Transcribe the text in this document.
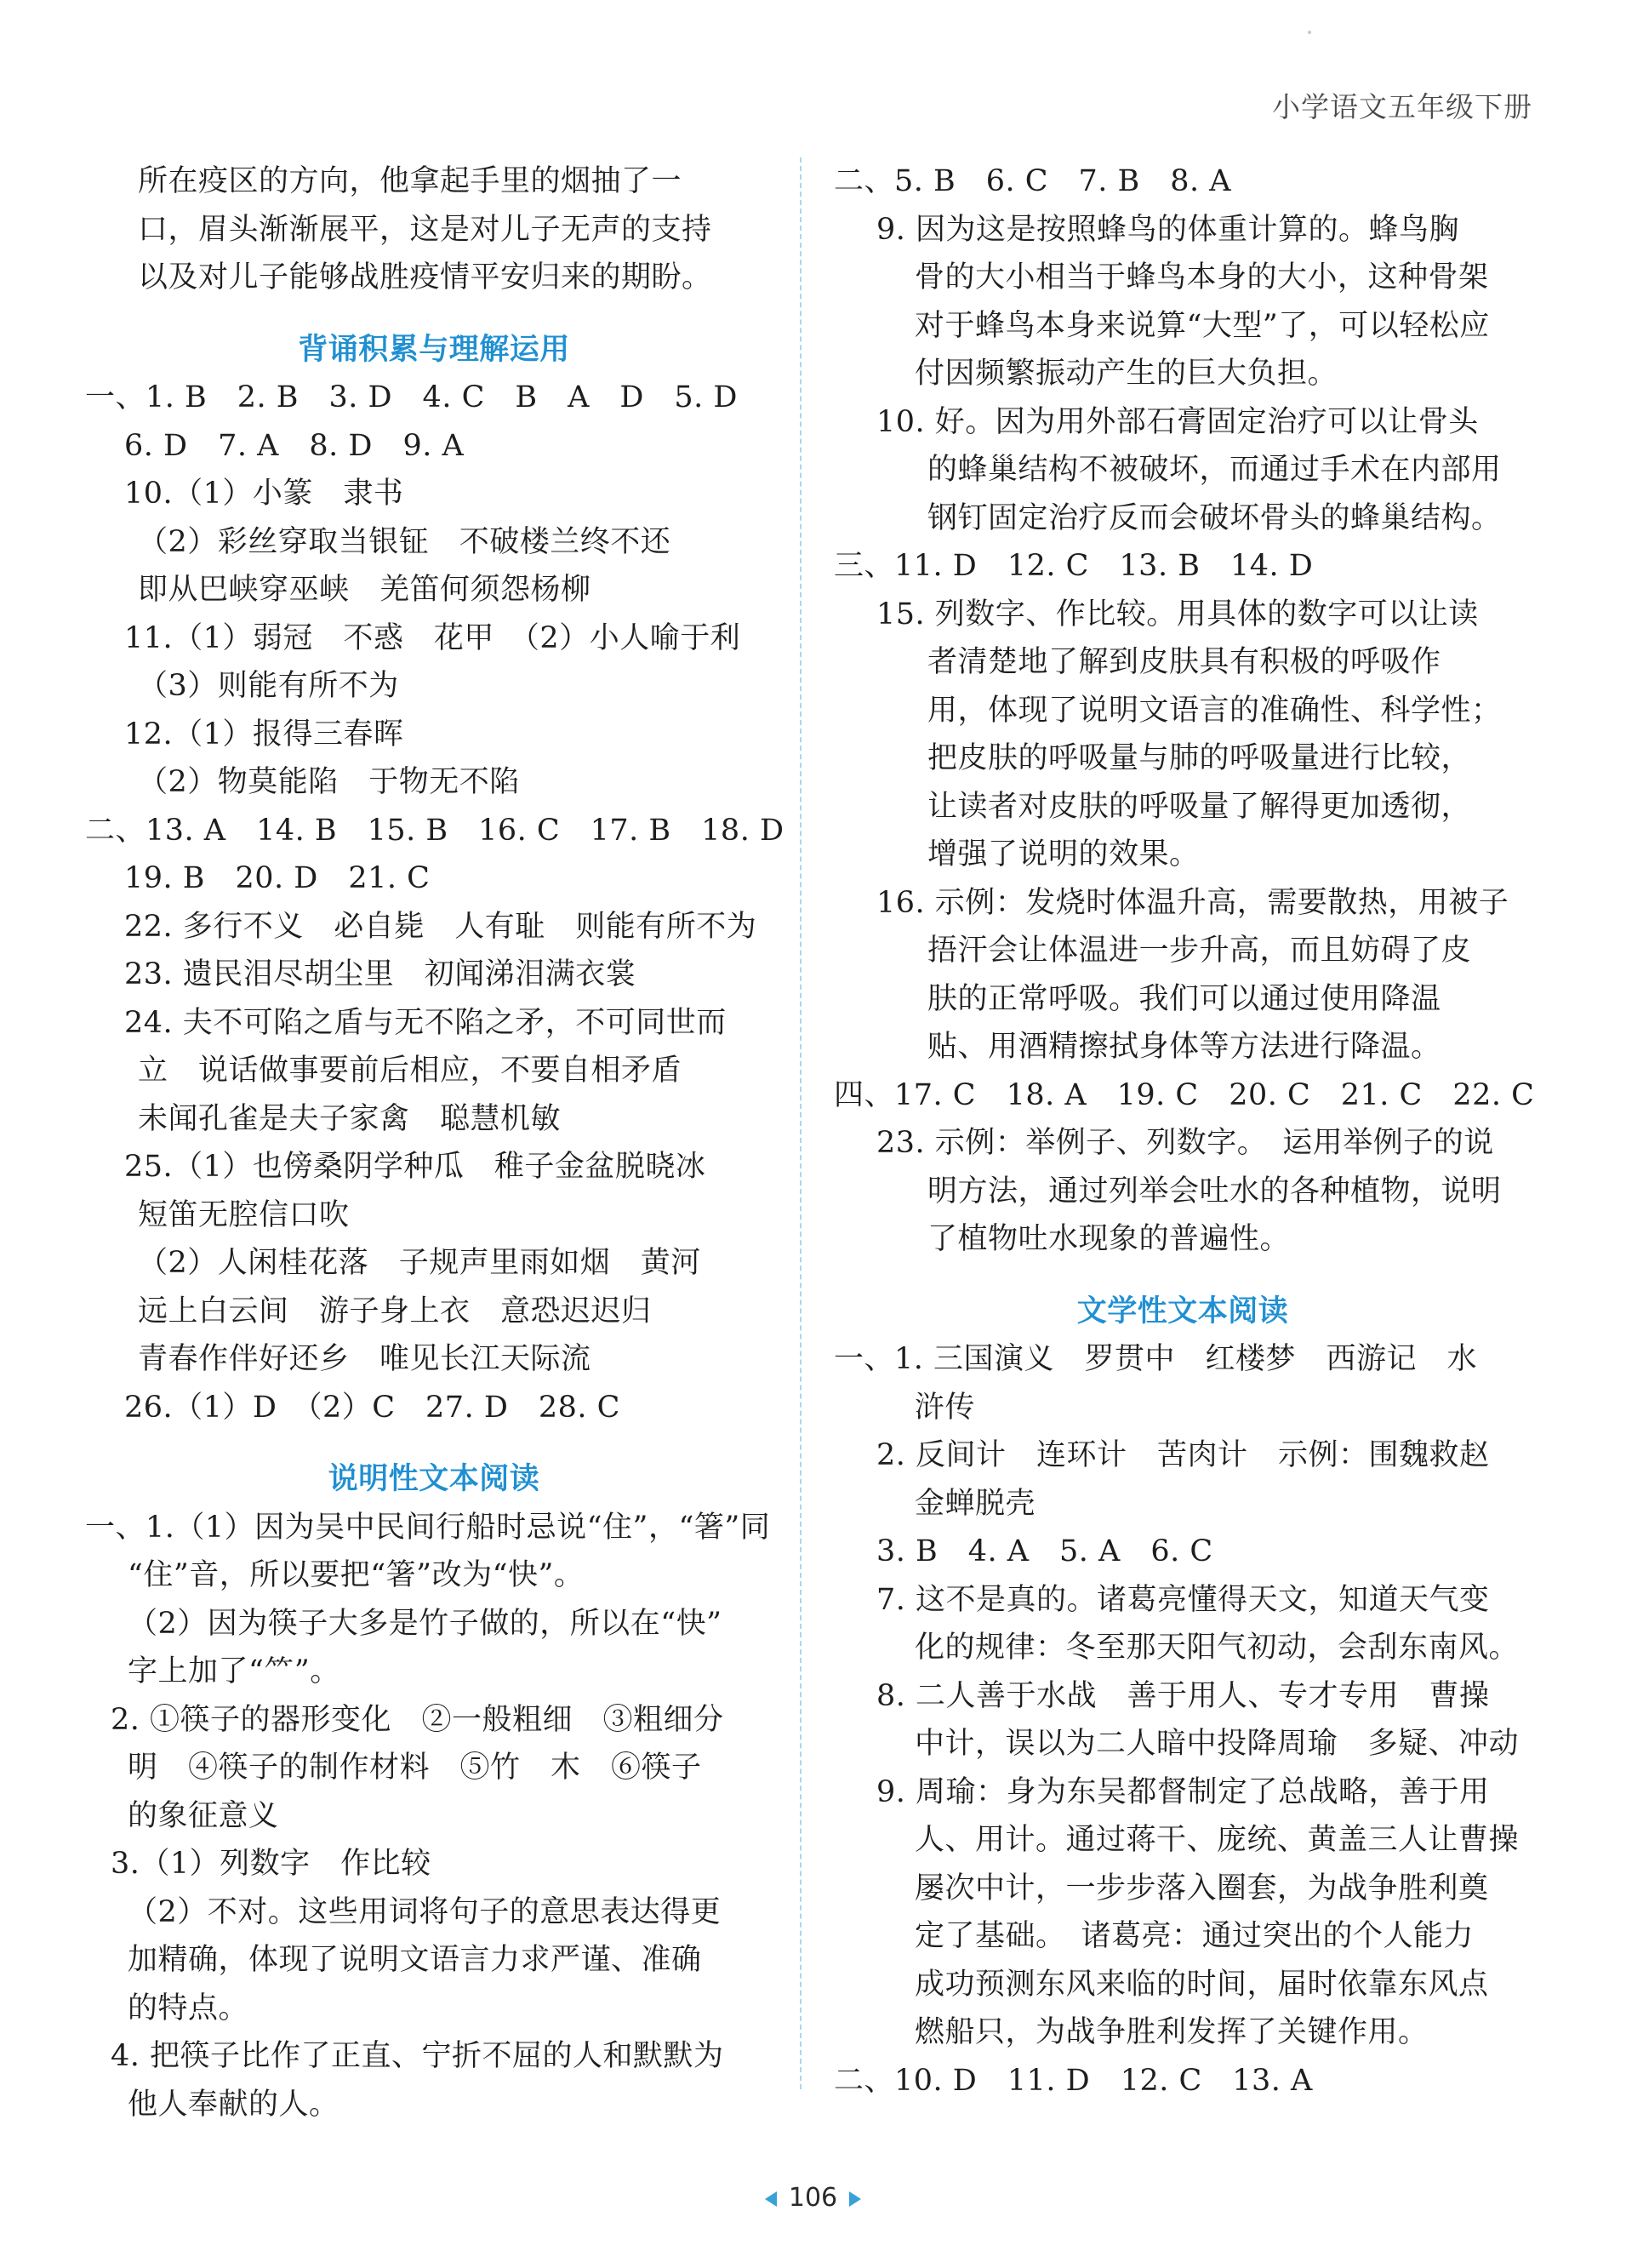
小学语文五年级下册
所在疫区的方向，他拿起手里的烟抽了一
口，眉头渐渐展平，这是对儿子无声的支持
以及对儿子能够战胜疫情平安归来的期盼。
背诵积累与理解运用
一、1. B　2. B　3. D　4. C　B　A　D　5. D
6. D　7. A　8. D　9. A
10.（1）小篆　隶书
（2）彩丝穿取当银钲　不破楼兰终不还
即从巴峡穿巫峡　羌笛何须怨杨柳
11.（1）弱冠　不惑　花甲　（2）小人喻于利
（3）则能有所不为
12.（1）报得三春晖
（2）物莫能陷　于物无不陷
二、13. A　14. B　15. B　16. C　17. B　18. D
19. B　20. D　21. C
22. 多行不义　必自毙　人有耻　则能有所不为
23. 遗民泪尽胡尘里　初闻涕泪满衣裳
24. 夫不可陷之盾与无不陷之矛，不可同世而
立　说话做事要前后相应，不要自相矛盾
未闻孔雀是夫子家禽　聪慧机敏
25.（1）也傍桑阴学种瓜　稚子金盆脱晓冰
短笛无腔信口吹
（2）人闲桂花落　子规声里雨如烟　黄河
远上白云间　游子身上衣　意恐迟迟归
青春作伴好还乡　唯见长江天际流
26.（1）D　（2）C　27. D　28. C
说明性文本阅读
一、1.（1）因为吴中民间行船时忌说“住”，“箸”同
“住”音，所以要把“箸”改为“快”。
（2）因为筷子大多是竹子做的，所以在“快”
字上加了“⺮”。
2. ①筷子的器形变化　②一般粗细　③粗细分
明　④筷子的制作材料　⑤竹　木　⑥筷子
的象征意义
3.（1）列数字　作比较
（2）不对。这些用词将句子的意思表达得更
加精确，体现了说明文语言力求严谨、准确
的特点。
4. 把筷子比作了正直、宁折不屈的人和默默为
他人奉献的人。
二、5. B　6. C　7. B　8. A
9. 因为这是按照蜂鸟的体重计算的。蜂鸟胸
骨的大小相当于蜂鸟本身的大小，这种骨架
对于蜂鸟本身来说算“大型”了，可以轻松应
付因频繁振动产生的巨大负担。
10. 好。因为用外部石膏固定治疗可以让骨头
的蜂巢结构不被破坏，而通过手术在内部用
钢钉固定治疗反而会破坏骨头的蜂巢结构。
三、11. D　12. C　13. B　14. D
15. 列数字、作比较。用具体的数字可以让读
者清楚地了解到皮肤具有积极的呼吸作
用，体现了说明文语言的准确性、科学性；
把皮肤的呼吸量与肺的呼吸量进行比较，
让读者对皮肤的呼吸量了解得更加透彻，
增强了说明的效果。
16. 示例：发烧时体温升高，需要散热，用被子
捂汗会让体温进一步升高，而且妨碍了皮
肤的正常呼吸。我们可以通过使用降温
贴、用酒精擦拭身体等方法进行降温。
四、17. C　18. A　19. C　20. C　21. C　22. C
23. 示例：举例子、列数字。　运用举例子的说
明方法，通过列举会吐水的各种植物，说明
了植物吐水现象的普遍性。
文学性文本阅读
一、1. 三国演义　罗贯中　红楼梦　西游记　水
浒传
2. 反间计　连环计　苦肉计　示例：围魏救赵
金蝉脱壳
3. B　4. A　5. A　6. C
7. 这不是真的。诸葛亮懂得天文，知道天气变
化的规律：冬至那天阳气初动，会刮东南风。
8. 二人善于水战　善于用人、专才专用　曹操
中计，误以为二人暗中投降周瑜　多疑、冲动
9. 周瑜：身为东吴都督制定了总战略，善于用
人、用计。通过蒋干、庞统、黄盖三人让曹操
屡次中计，一步步落入圈套，为战争胜利奠
定了基础。　诸葛亮：通过突出的个人能力
成功预测东风来临的时间，届时依靠东风点
燃船只，为战争胜利发挥了关键作用。
二、10. D　11. D　12. C　13. A
106
